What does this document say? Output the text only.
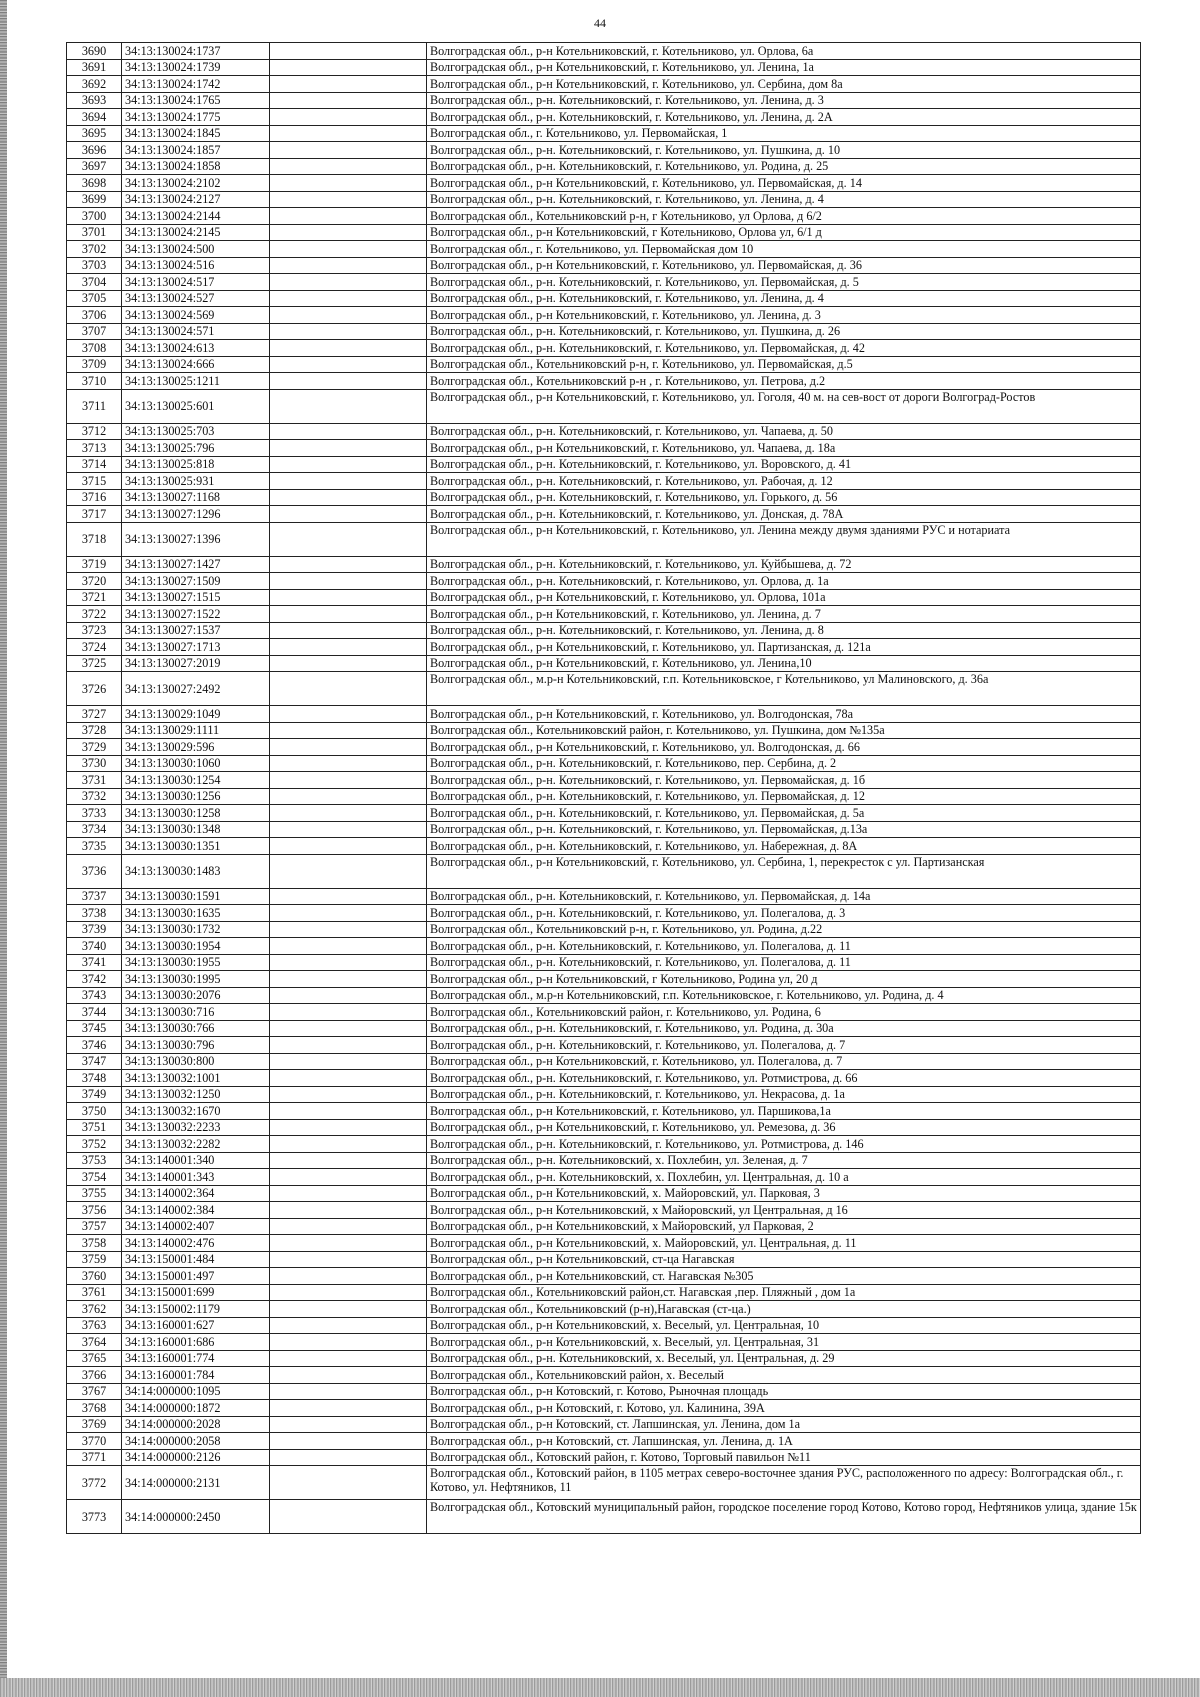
44
3690	34:13:130024:1737		Волгоградская обл., р-н Котельниковский, г. Котельниково, ул. Орлова, 6а
3691	34:13:130024:1739		Волгоградская обл., р-н Котельниковский, г. Котельниково, ул. Ленина, 1а
3692	34:13:130024:1742		Волгоградская обл., р-н Котельниковский, г. Котельниково, ул. Сербина, дом 8а
3693	34:13:130024:1765		Волгоградская обл., р-н. Котельниковский, г. Котельниково, ул. Ленина, д. 3
3694	34:13:130024:1775		Волгоградская обл., р-н. Котельниковский, г. Котельниково, ул. Ленина, д. 2А
3695	34:13:130024:1845		Волгоградская обл., г. Котельниково, ул. Первомайская, 1
3696	34:13:130024:1857		Волгоградская обл., р-н. Котельниковский, г. Котельниково, ул. Пушкина, д. 10
3697	34:13:130024:1858		Волгоградская обл., р-н. Котельниковский, г. Котельниково, ул. Родина, д. 25
3698	34:13:130024:2102		Волгоградская обл., р-н Котельниковский, г. Котельниково, ул. Первомайская, д. 14
3699	34:13:130024:2127		Волгоградская обл., р-н. Котельниковский, г. Котельниково, ул. Ленина, д. 4
3700	34:13:130024:2144		Волгоградская обл., Котельниковский р-н, г Котельниково, ул Орлова, д 6/2
3701	34:13:130024:2145		Волгоградская обл., р-н Котельниковский, г Котельниково, Орлова ул, 6/1 д
3702	34:13:130024:500		Волгоградская обл., г. Котельниково, ул. Первомайская дом 10
3703	34:13:130024:516		Волгоградская обл., р-н Котельниковский, г. Котельниково, ул. Первомайская, д. 36
3704	34:13:130024:517		Волгоградская обл., р-н. Котельниковский, г. Котельниково, ул. Первомайская, д. 5
3705	34:13:130024:527		Волгоградская обл., р-н. Котельниковский, г. Котельниково, ул. Ленина, д. 4
3706	34:13:130024:569		Волгоградская обл., р-н Котельниковский, г. Котельниково, ул. Ленина, д. 3
3707	34:13:130024:571		Волгоградская обл., р-н. Котельниковский, г. Котельниково, ул. Пушкина, д. 26
3708	34:13:130024:613		Волгоградская обл., р-н. Котельниковский, г. Котельниково, ул. Первомайская, д. 42
3709	34:13:130024:666		Волгоградская обл., Котельниковский р-н, г. Котельниково, ул. Первомайская, д.5
3710	34:13:130025:1211		Волгоградская обл., Котельниковский р-н , г. Котельниково, ул. Петрова, д.2
3711	34:13:130025:601		Волгоградская обл., р-н Котельниковский, г. Котельниково, ул. Гоголя, 40 м. на сев-вост от дороги Волгоград-Ростов
3712	34:13:130025:703		Волгоградская обл., р-н. Котельниковский, г. Котельниково, ул. Чапаева, д. 50
3713	34:13:130025:796		Волгоградская обл., р-н Котельниковский, г. Котельниково, ул. Чапаева, д. 18а
3714	34:13:130025:818		Волгоградская обл., р-н. Котельниковский, г. Котельниково, ул. Воровского, д. 41
3715	34:13:130025:931		Волгоградская обл., р-н. Котельниковский, г. Котельниково, ул. Рабочая, д. 12
3716	34:13:130027:1168		Волгоградская обл., р-н. Котельниковский, г. Котельниково, ул. Горького, д. 56
3717	34:13:130027:1296		Волгоградская обл., р-н. Котельниковский, г. Котельниково, ул. Донская, д. 78А
3718	34:13:130027:1396		Волгоградская обл., р-н Котельниковский, г. Котельниково, ул. Ленина между двумя зданиями РУС и нотариата
3719	34:13:130027:1427		Волгоградская обл., р-н. Котельниковский, г. Котельниково, ул. Куйбышева, д. 72
3720	34:13:130027:1509		Волгоградская обл., р-н. Котельниковский, г. Котельниково, ул. Орлова, д. 1а
3721	34:13:130027:1515		Волгоградская обл., р-н Котельниковский, г. Котельниково, ул. Орлова, 101а
3722	34:13:130027:1522		Волгоградская обл., р-н Котельниковский, г. Котельниково, ул. Ленина, д. 7
3723	34:13:130027:1537		Волгоградская обл., р-н. Котельниковский, г. Котельниково, ул. Ленина, д. 8
3724	34:13:130027:1713		Волгоградская обл., р-н Котельниковский, г. Котельниково, ул. Партизанская, д. 121а
3725	34:13:130027:2019		Волгоградская обл., р-н Котельниковский, г. Котельниково, ул. Ленина,10
3726	34:13:130027:2492		Волгоградская обл., м.р-н Котельниковский, г.п. Котельниковское, г Котельниково, ул Малиновского, д. 36а
3727	34:13:130029:1049		Волгоградская обл., р-н Котельниковский, г. Котельниково, ул. Волгодонская, 78а
3728	34:13:130029:1111		Волгоградская обл., Котельниковский район, г. Котельниково, ул. Пушкина, дом №135а
3729	34:13:130029:596		Волгоградская обл., р-н Котельниковский, г. Котельниково, ул. Волгодонская, д. 66
3730	34:13:130030:1060		Волгоградская обл., р-н. Котельниковский, г. Котельниково, пер. Сербина, д. 2
3731	34:13:130030:1254		Волгоградская обл., р-н. Котельниковский, г. Котельниково, ул. Первомайская, д. 1б
3732	34:13:130030:1256		Волгоградская обл., р-н. Котельниковский, г. Котельниково, ул. Первомайская, д. 12
3733	34:13:130030:1258		Волгоградская обл., р-н. Котельниковский, г. Котельниково, ул. Первомайская, д. 5а
3734	34:13:130030:1348		Волгоградская обл., р-н. Котельниковский, г. Котельниково, ул. Первомайская, д.13а
3735	34:13:130030:1351		Волгоградская обл., р-н. Котельниковский, г. Котельниково, ул. Набережная, д. 8А
3736	34:13:130030:1483		Волгоградская обл., р-н Котельниковский, г. Котельниково, ул. Сербина, 1, перекресток с ул. Партизанская
3737	34:13:130030:1591		Волгоградская обл., р-н. Котельниковский, г. Котельниково, ул. Первомайская, д. 14а
3738	34:13:130030:1635		Волгоградская обл., р-н. Котельниковский, г. Котельниково, ул. Полегалова, д. 3
3739	34:13:130030:1732		Волгоградская обл., Котельниковский р-н, г. Котельниково, ул. Родина, д.22
3740	34:13:130030:1954		Волгоградская обл., р-н. Котельниковский, г. Котельниково, ул. Полегалова, д. 11
3741	34:13:130030:1955		Волгоградская обл., р-н. Котельниковский, г. Котельниково, ул. Полегалова, д. 11
3742	34:13:130030:1995		Волгоградская обл., р-н Котельниковский, г Котельниково, Родина ул, 20 д
3743	34:13:130030:2076		Волгоградская обл., м.р-н Котельниковский, г.п. Котельниковское, г. Котельниково, ул. Родина, д. 4
3744	34:13:130030:716		Волгоградская обл., Котельниковский район, г. Котельниково, ул. Родина, 6
3745	34:13:130030:766		Волгоградская обл., р-н. Котельниковский, г. Котельниково, ул. Родина, д. 30а
3746	34:13:130030:796		Волгоградская обл., р-н. Котельниковский, г. Котельниково, ул. Полегалова, д. 7
3747	34:13:130030:800		Волгоградская обл., р-н Котельниковский, г. Котельниково, ул. Полегалова, д. 7
3748	34:13:130032:1001		Волгоградская обл., р-н. Котельниковский, г. Котельниково, ул. Ротмистрова, д. 66
3749	34:13:130032:1250		Волгоградская обл., р-н. Котельниковский, г. Котельниково, ул. Некрасова, д. 1а
3750	34:13:130032:1670		Волгоградская обл., р-н Котельниковский, г. Котельниково, ул. Паршикова,1а
3751	34:13:130032:2233		Волгоградская обл., р-н Котельниковский, г. Котельниково, ул. Ремезова, д. 36
3752	34:13:130032:2282		Волгоградская обл., р-н. Котельниковский, г. Котельниково, ул. Ротмистрова, д. 146
3753	34:13:140001:340		Волгоградская обл., р-н. Котельниковский, х. Похлебин, ул. Зеленая, д. 7
3754	34:13:140001:343		Волгоградская обл., р-н. Котельниковский, х. Похлебин, ул. Центральная, д. 10 а
3755	34:13:140002:364		Волгоградская обл., р-н Котельниковский, х. Майоровский, ул. Парковая, 3
3756	34:13:140002:384		Волгоградская обл., р-н Котельниковский, х Майоровский, ул Центральная, д 16
3757	34:13:140002:407		Волгоградская обл., р-н Котельниковский, х Майоровский, ул Парковая, 2
3758	34:13:140002:476		Волгоградская обл., р-н Котельниковский, х. Майоровский, ул. Центральная, д. 11
3759	34:13:150001:484		Волгоградская обл., р-н Котельниковский, ст-ца Нагавская
3760	34:13:150001:497		Волгоградская обл., р-н Котельниковский, ст. Нагавская №305
3761	34:13:150001:699		Волгоградская обл., Котельниковский район,ст. Нагавская ,пер. Пляжный , дом 1а
3762	34:13:150002:1179		Волгоградская обл., Котельниковский (р-н),Нагавская (ст-ца.)
3763	34:13:160001:627		Волгоградская обл., р-н Котельниковский, х. Веселый, ул. Центральная, 10
3764	34:13:160001:686		Волгоградская обл., р-н Котельниковский, х. Веселый, ул. Центральная, 31
3765	34:13:160001:774		Волгоградская обл., р-н. Котельниковский, х. Веселый, ул. Центральная, д. 29
3766	34:13:160001:784		Волгоградская обл., Котельниковский район, х. Веселый
3767	34:14:000000:1095		Волгоградская обл., р-н Котовский, г. Котово, Рыночная площадь
3768	34:14:000000:1872		Волгоградская обл., р-н Котовский, г. Котово, ул. Калинина, 39А
3769	34:14:000000:2028		Волгоградская обл., р-н Котовский, ст. Лапшинская, ул. Ленина, дом 1а
3770	34:14:000000:2058		Волгоградская обл., р-н Котовский, ст. Лапшинская, ул. Ленина, д. 1А
3771	34:14:000000:2126		Волгоградская обл., Котовский район, г. Котово, Торговый павильон №11
3772	34:14:000000:2131		Волгоградская обл., Котовский район, в 1105 метрах северо-восточнее здания РУС, расположенного по адресу: Волгоградская обл., г. Котово, ул. Нефтяников, 11
3773	34:14:000000:2450		Волгоградская обл., Котовский муниципальный район, городское поселение город Котово, Котово город, Нефтяников улица, здание 15к
